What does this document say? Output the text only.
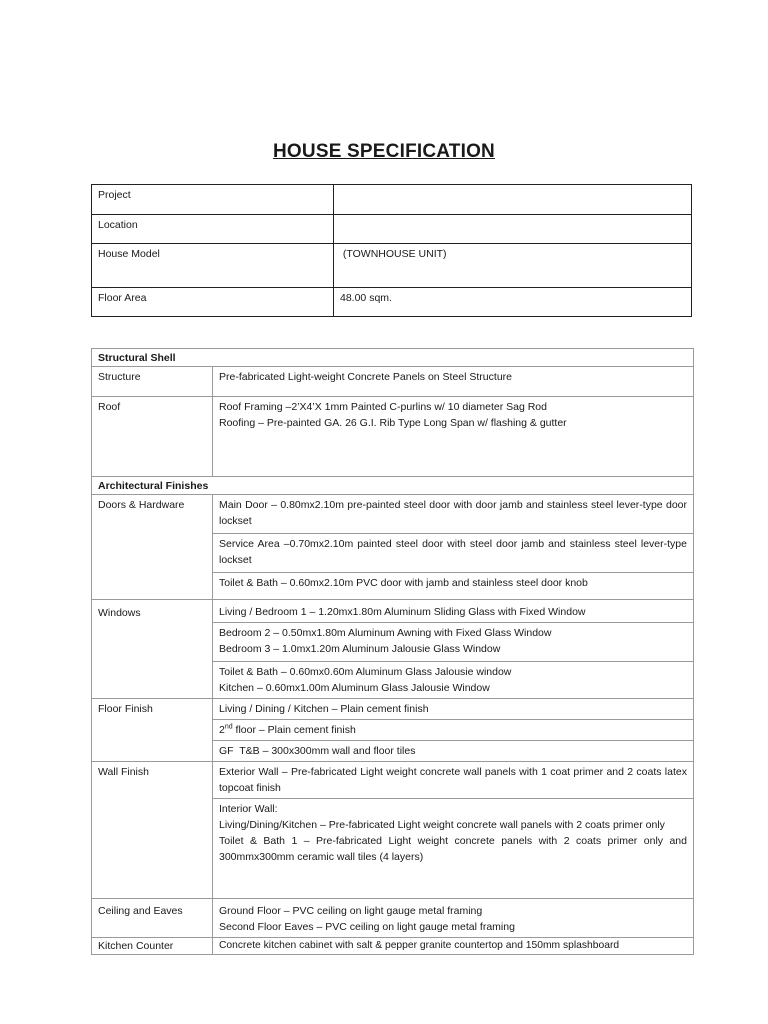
HOUSE SPECIFICATION
Project	
Location	
House Model	(TOWNHOUSE UNIT)
Floor Area	48.00 sqm.
Structural Shell
Structure	Pre-fabricated Light-weight Concrete Panels on Steel Structure
Roof	Roof Framing –2’X4’X 1mm Painted C-purlins w/ 10 diameter Sag Rod
Roofing – Pre-painted GA. 26 G.I. Rib Type Long Span w/ flashing & gutter

Architectural Finishes
Doors & Hardware		Main Door – 0.80mx2.10m pre-painted steel door with door jamb and stainless steel lever-type door lockset
Service Area –0.70mx2.10m painted steel door with steel door jamb and stainless steel lever-type lockset
Toilet & Bath – 0.60mx2.10m PVC door with jamb and stainless steel door knob

Windows		Living / Bedroom 1 – 1.20mx1.80m Aluminum Sliding Glass with Fixed Window

Bedroom 2 – 0.50mx1.80m Aluminum Awning with Fixed Glass Window
Bedroom 3 – 1.0mx1.20m Aluminum Jalousie Glass Window

Toilet & Bath – 0.60mx0.60m Aluminum Glass Jalousie window
Kitchen – 0.60mx1.00m Aluminum Glass Jalousie Window

Floor Finish		Living / Dining / Kitchen – Plain cement finish
2nd floor – Plain cement finish
GF  T&B – 300x300mm wall and floor tiles

Wall Finish		Exterior Wall – Pre-fabricated Light weight concrete wall panels with 1 coat primer and 2 coats latex topcoat finish

Interior Wall:
Living/Dining/Kitchen – Pre-fabricated Light weight concrete wall panels with 2 coats primer only
Toilet & Bath 1 – Pre-fabricated Light weight concrete panels with 2 coats primer only and 300mmx300mm ceramic wall tiles (4 layers)

Ceiling and Eaves	Ground Floor – PVC ceiling on light gauge metal framing
Second Floor Eaves – PVC ceiling on light gauge metal framing

Kitchen Counter	Concrete kitchen cabinet with salt & pepper granite countertop and 150mm splashboard
